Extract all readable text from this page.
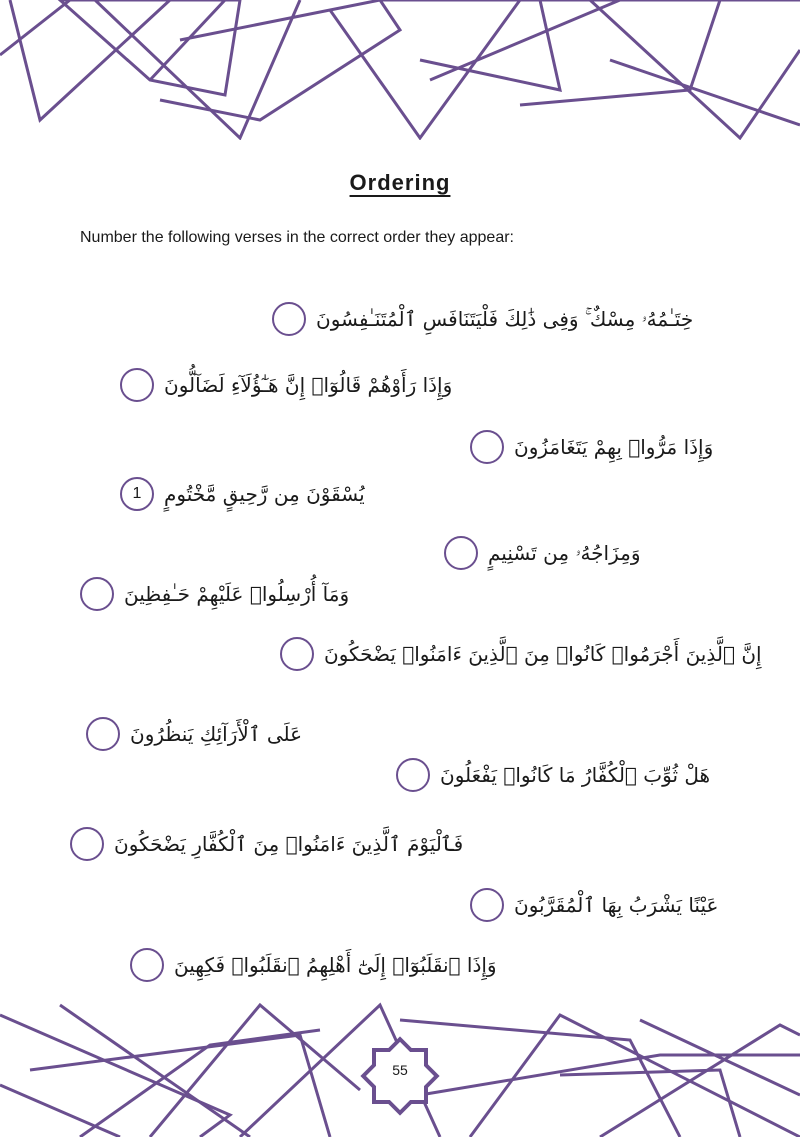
Ordering
Number the following verses in the correct order they appear:
خِتَـٰمُهُۥ مِسْكٌ ۚ وَفِى ذَٰلِكَ فَلْيَتَنَافَسِ ٱلْمُتَنَـٰفِسُونَ
وَإِذَا رَأَوْهُمْ قَالُوٓا۟ إِنَّ هَـٰٓؤُلَآءِ لَضَآلُّونَ
وَإِذَا مَرُّوا۟ بِهِمْ يَتَغَامَزُونَ
1	يُسْقَوْنَ مِن رَّحِيقٍ مَّخْتُومٍ
وَمِزَاجُهُۥ مِن تَسْنِيمٍ
وَمَآ أُرْسِلُوا۟ عَلَيْهِمْ حَـٰفِظِينَ
إِنَّ ٱلَّذِينَ أَجْرَمُوا۟ كَانُوا۟ مِنَ ٱلَّذِينَ ءَامَنُوا۟ يَضْحَكُونَ
عَلَى ٱلْأَرَآئِكِ يَنظُرُونَ
هَلْ ثُوِّبَ ٱلْكُفَّارُ مَا كَانُوا۟ يَفْعَلُونَ
فَٱلْيَوْمَ ٱلَّذِينَ ءَامَنُوا۟ مِنَ ٱلْكُفَّارِ يَضْحَكُونَ
عَيْنًا يَشْرَبُ بِهَا ٱلْمُقَرَّبُونَ
وَإِذَا ٱنقَلَبُوٓا۟ إِلَىٰٓ أَهْلِهِمُ ٱنقَلَبُوا۟ فَكِهِينَ
55
